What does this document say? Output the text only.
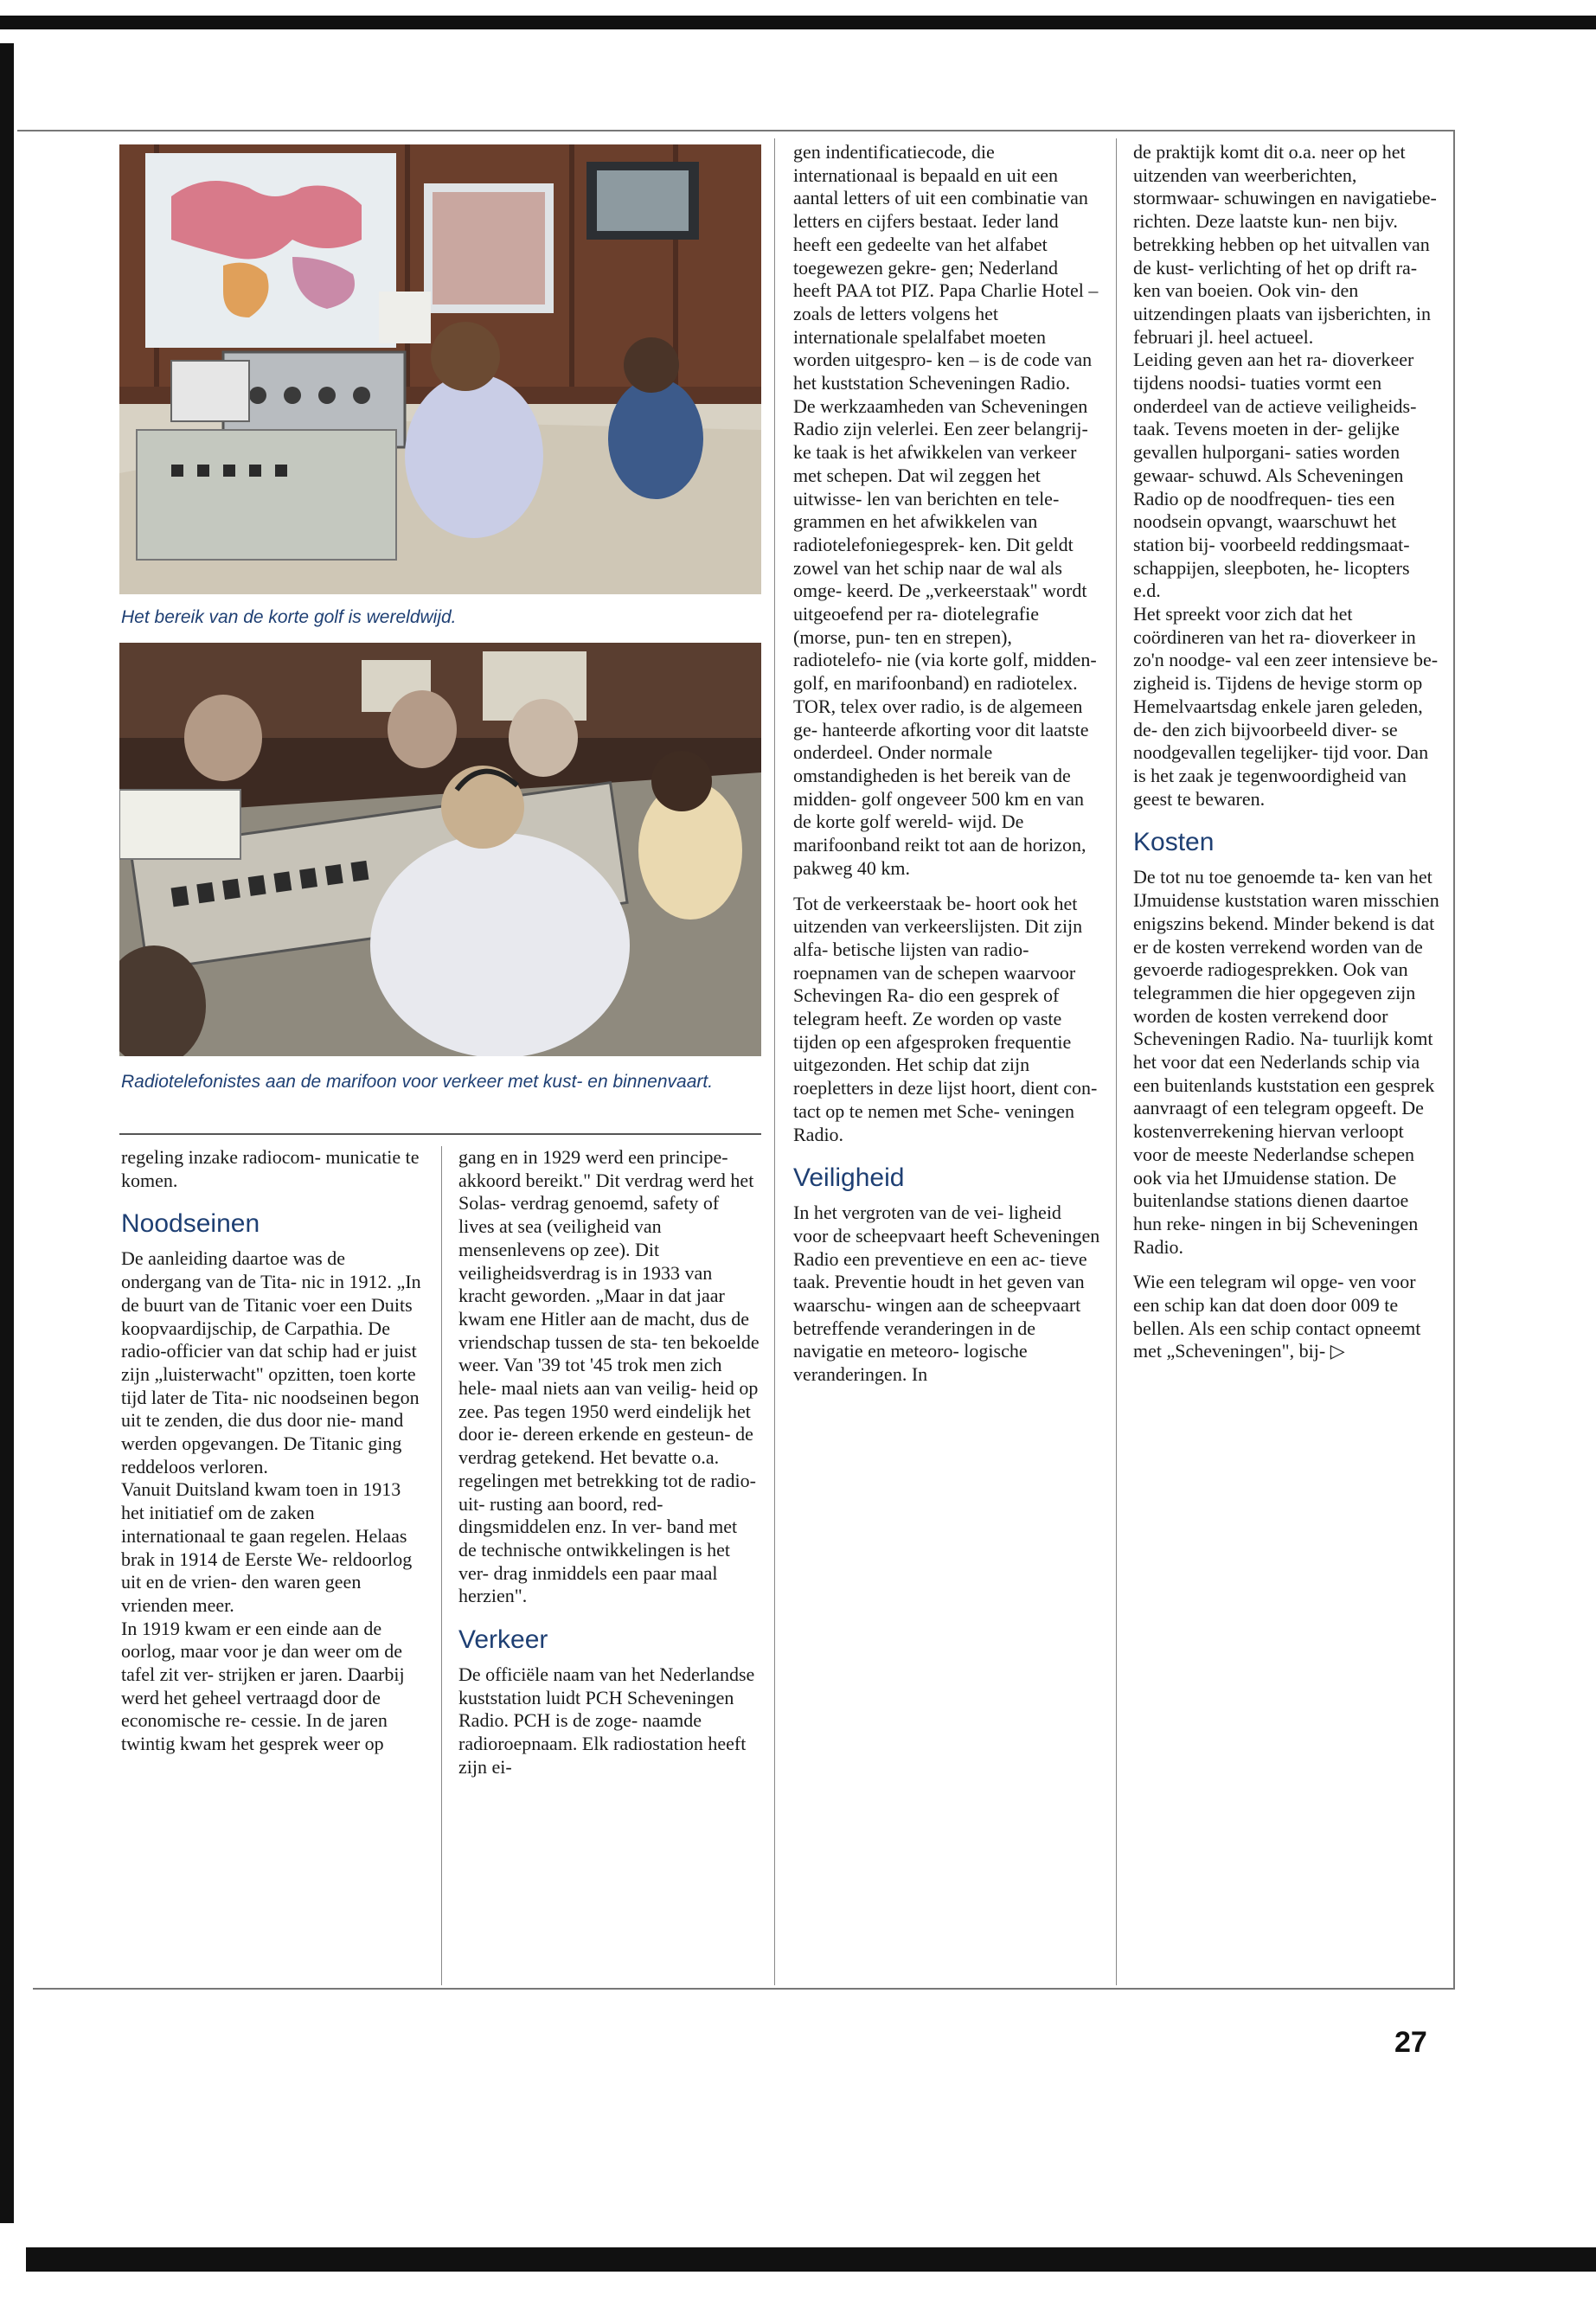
Het bereik van de korte golf is wereldwijd.
Radiotelefonistes aan de marifoon voor verkeer met kust- en binnenvaart.

regeling inzake radiocom- municatie te komen.

Noodseinen

De aanleiding daartoe was de ondergang van de Tita- nic in 1912. „In de buurt van de Titanic voer een Duits koopvaardijschip, de Carpathia. De radio-officier van dat schip had er juist zijn „luisterwacht" opzitten, toen korte tijd later de Tita- nic noodseinen begon uit te zenden, die dus door nie- mand werden opgevangen. De Titanic ging reddeloos verloren.

Vanuit Duitsland kwam toen in 1913 het initiatief om de zaken internationaal te gaan regelen. Helaas brak in 1914 de Eerste We- reldoorlog uit en de vrien- den waren geen vrienden meer.

In 1919 kwam er een einde aan de oorlog, maar voor je dan weer om de tafel zit ver- strijken er jaren. Daarbij werd het geheel vertraagd door de economische re- cessie. In de jaren twintig kwam het gesprek weer op

gang en in 1929 werd een principe-akkoord bereikt." Dit verdrag werd het Solas- verdrag genoemd, safety of lives at sea (veiligheid van mensenlevens op zee). Dit veiligheidsverdrag is in 1933 van kracht geworden. „Maar in dat jaar kwam ene Hitler aan de macht, dus de vriendschap tussen de sta- ten bekoelde weer. Van '39 tot '45 trok men zich hele- maal niets aan van veilig- heid op zee. Pas tegen 1950 werd eindelijk het door ie- dereen erkende en gesteun- de verdrag getekend. Het bevatte o.a. regelingen met betrekking tot de radio-uit- rusting aan boord, red- dingsmiddelen enz. In ver- band met de technische ontwikkelingen is het ver- drag inmiddels een paar maal herzien".

Verkeer

De officiële naam van het Nederlandse kuststation luidt PCH Scheveningen Radio. PCH is de zoge- naamde radioroepnaam. Elk radiostation heeft zijn ei-

gen indentificatiecode, die internationaal is bepaald en uit een aantal letters of uit een combinatie van letters en cijfers bestaat. Ieder land heeft een gedeelte van het alfabet toegewezen gekre- gen; Nederland heeft PAA tot PIZ. Papa Charlie Hotel – zoals de letters volgens het internationale spelalfabet moeten worden uitgespro- ken – is de code van het kuststation Scheveningen Radio.

De werkzaamheden van Scheveningen Radio zijn velerlei. Een zeer belangrij- ke taak is het afwikkelen van verkeer met schepen. Dat wil zeggen het uitwisse- len van berichten en tele- grammen en het afwikkelen van radiotelefoniegesprek- ken. Dit geldt zowel van het schip naar de wal als omge- keerd. De „verkeerstaak" wordt uitgeoefend per ra- diotelegrafie (morse, pun- ten en strepen), radiotelefo- nie (via korte golf, midden- golf, en marifoonband) en radiotelex. TOR, telex over radio, is de algemeen ge- hanteerde afkorting voor dit laatste onderdeel. Onder normale omstandigheden is het bereik van de midden- golf ongeveer 500 km en van de korte golf wereld- wijd. De marifoonband reikt tot aan de horizon, pakweg 40 km.

Tot de verkeerstaak be- hoort ook het uitzenden van verkeerslijsten. Dit zijn alfa- betische lijsten van radio- roepnamen van de schepen waarvoor Schevingen Ra- dio een gesprek of telegram heeft. Ze worden op vaste tijden op een afgesproken frequentie uitgezonden. Het schip dat zijn roepletters in deze lijst hoort, dient con- tact op te nemen met Sche- veningen Radio.

Veiligheid

In het vergroten van de vei- ligheid voor de scheepvaart heeft Scheveningen Radio een preventieve en een ac- tieve taak. Preventie houdt in het geven van waarschu- wingen aan de scheepvaart betreffende veranderingen in de navigatie en meteoro- logische veranderingen. In

de praktijk komt dit o.a. neer op het uitzenden van weerberichten, stormwaar- schuwingen en navigatiebe- richten. Deze laatste kun- nen bijv. betrekking hebben op het uitvallen van de kust- verlichting of het op drift ra- ken van boeien. Ook vin- den uitzendingen plaats van ijsberichten, in februari jl. heel actueel.

Leiding geven aan het ra- dioverkeer tijdens noodsi- tuaties vormt een onderdeel van de actieve veiligheids- taak. Tevens moeten in der- gelijke gevallen hulporgani- saties worden gewaar- schuwd. Als Scheveningen Radio op de noodfrequen- ties een noodsein opvangt, waarschuwt het station bij- voorbeeld reddingsmaat- schappijen, sleepboten, he- licopters e.d.

Het spreekt voor zich dat het coördineren van het ra- dioverkeer in zo'n noodge- val een zeer intensieve be- zigheid is. Tijdens de hevige storm op Hemelvaartsdag enkele jaren geleden, de- den zich bijvoorbeeld diver- se noodgevallen tegelijker- tijd voor. Dan is het zaak je tegenwoordigheid van geest te bewaren.

Kosten

De tot nu toe genoemde ta- ken van het IJmuidense kuststation waren misschien enigszins bekend. Minder bekend is dat er de kosten verrekend worden van de gevoerde radiogesprekken. Ook van telegrammen die hier opgegeven zijn worden de kosten verrekend door Scheveningen Radio. Na- tuurlijk komt het voor dat een Nederlands schip via een buitenlands kuststation een gesprek aanvraagt of een telegram opgeeft. De kostenverrekening hiervan verloopt voor de meeste Nederlandse schepen ook via het IJmuidense station. De buitenlandse stations dienen daartoe hun reke- ningen in bij Scheveningen Radio.

Wie een telegram wil opge- ven voor een schip kan dat doen door 009 te bellen. Als een schip contact opneemt met „Scheveningen", bij- ▷

27
